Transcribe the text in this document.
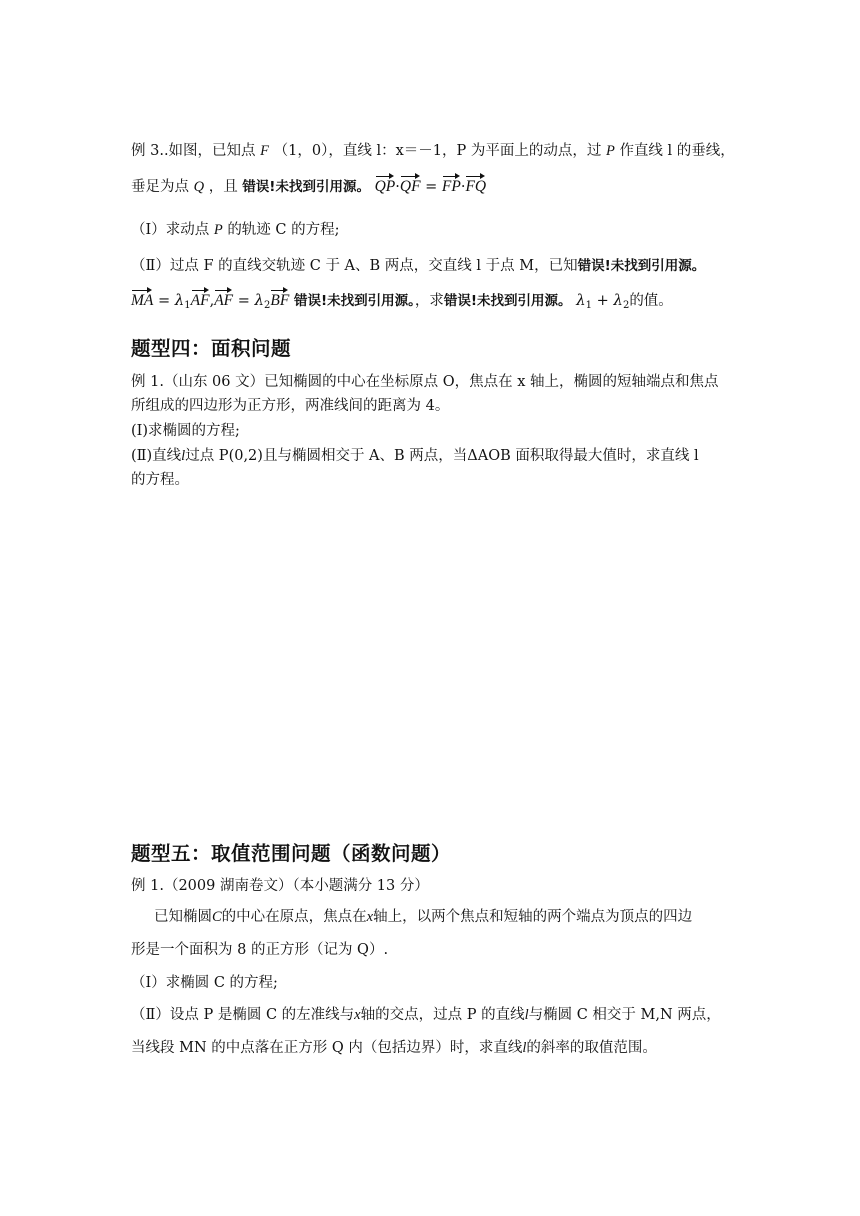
例 3..如图，已知点 F （1，0），直线 l：x＝－1，P 为平面上的动点，过 P 作直线 l 的垂线，
垂足为点 Q ，且 错误!未找到引用源。 QP·QF = FP·FQ
（Ⅰ）求动点 P 的轨迹 C 的方程;
（Ⅱ）过点 F 的直线交轨迹 C 于 A、B 两点，交直线 l 于点 M，已知错误!未找到引用源。
MA = $\lambda_1AF,AF = \lambda_2BF$ 错误!未找到引用源。，求错误!未找到引用源。 $\lambda_1 + \lambda_2$的值。
题型四：面积问题
例 1.（山东 06 文）已知椭圆的中心在坐标原点 O，焦点在 x 轴上，椭圆的短轴端点和焦点
所组成的四边形为正方形，两准线间的距离为 4。
(Ⅰ)求椭圆的方程;
(Ⅱ)直线l过点 P(0,2)且与椭圆相交于 A、B 两点，当ΔAOB 面积取得最大值时，求直线 l
的方程。
题型五：取值范围问题（函数问题）
例 1.（2009 湖南卷文）（本小题满分 13 分）
已知椭圆C的中心在原点，焦点在x轴上，以两个焦点和短轴的两个端点为顶点的四边
形是一个面积为 8 的正方形（记为 Q）.
（Ⅰ）求椭圆 C 的方程;
（Ⅱ）设点 P 是椭圆 C 的左准线与x轴的交点，过点 P 的直线l与椭圆 C 相交于 M,N 两点，
当线段 MN 的中点落在正方形 Q 内（包括边界）时，求直线l的斜率的取值范围。
